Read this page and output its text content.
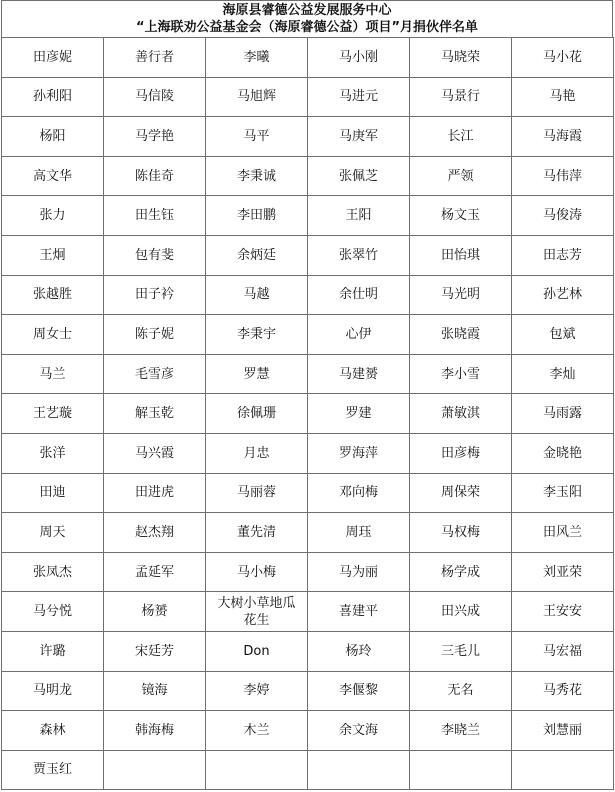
海原县睿德公益发展服务中心
“上海联劝公益基金会（海原睿德公益）项目”月捐伙伴名单
田彦妮	善行者	李曦	马小刚	马晓荣	马小花
孙利阳	马信陵	马旭辉	马进元	马景行	马艳
杨阳	马学艳	马平	马庚军	长江	马海霞
高文华	陈佳奇	李秉诚	张佩芝	严领	马伟萍
张力	田生钰	李田鹏	王阳	杨文玉	马俊涛
王炯	包有斐	余炳廷	张翠竹	田怡琪	田志芳
张越胜	田子衿	马越	余仕明	马光明	孙艺林
周女士	陈子妮	李秉宇	心伊	张晓霞	包斌
马兰	毛雪彦	罗慧	马建赟	李小雪	李灿
王艺璇	解玉乾	徐佩珊	罗建	萧敏淇	马雨露
张洋	马兴霞	月忠	罗海萍	田彦梅	金晓艳
田迪	田进虎	马丽蓉	邓向梅	周保荣	李玉阳
周天	赵杰翔	董先清	周珏	马权梅	田风兰
张凤杰	孟延军	马小梅	马为丽	杨学成	刘亚荣
马兮悦	杨赟	大树小草地瓜花生	喜建平	田兴成	王安安
许璐	宋廷芳	Don	杨玲	三毛儿	马宏福
马明龙	镜海	李婷	李偃黎	无名	马秀花
森林	韩海梅	木兰	余文海	李晓兰	刘慧丽
贾玉红					
